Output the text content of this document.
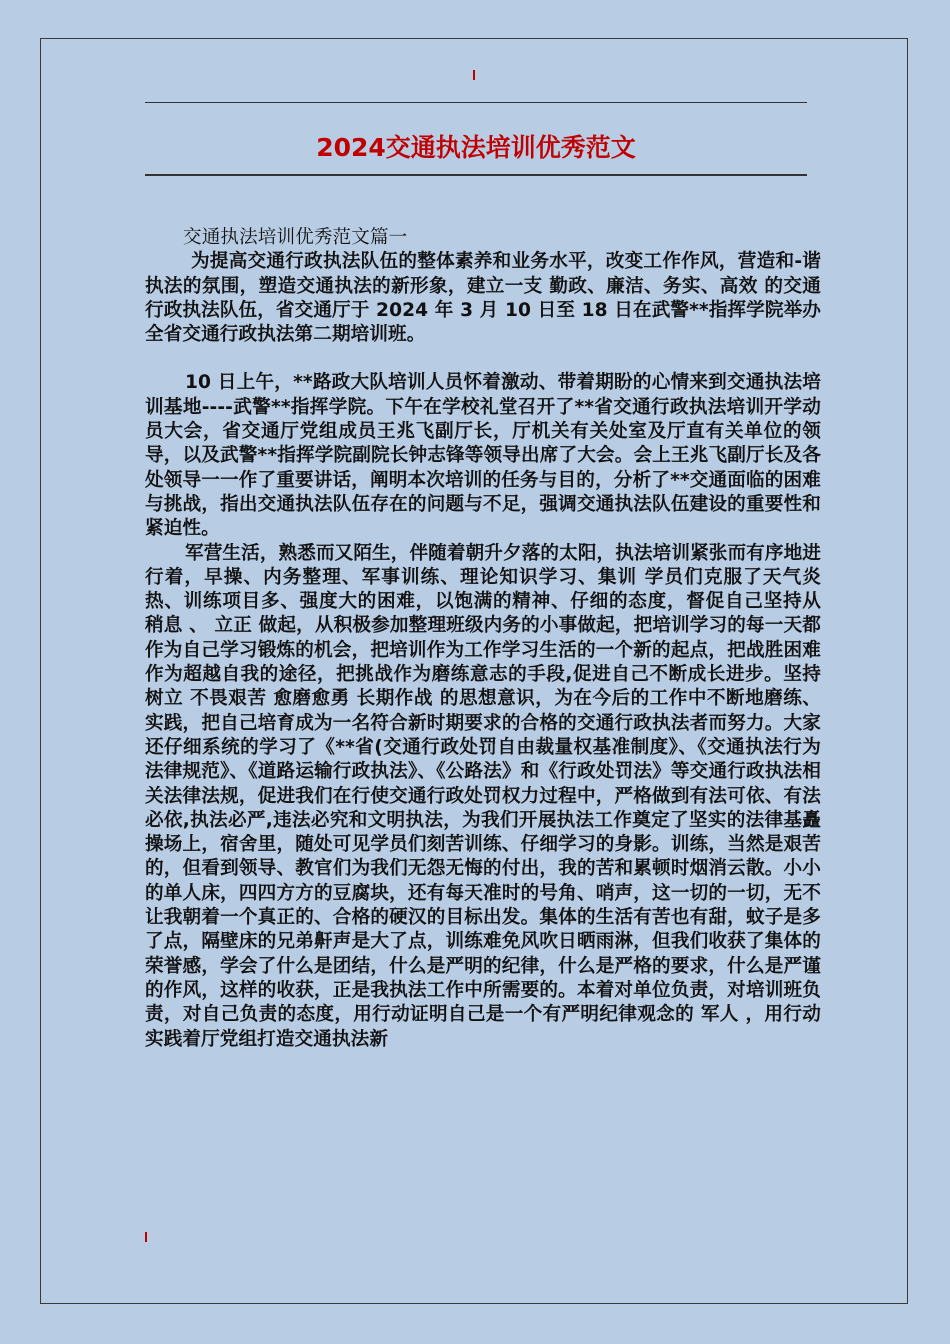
2024交通执法培训优秀范文

交通执法培训优秀范文篇一

为提高交通行政执法队伍的整体素养和业务水平，改变工作作风，营造和-谐执法的氛围，塑造交通执法的新形象，建立一支 勤政、廉洁、务实、高效 的交通行政执法队伍，省交通厅于 2024 年 3 月 10 日至 18 日在武警**指挥学院举办全省交通行政执法第二期培训班。

10 日上午，**路政大队培训人员怀着激动、带着期盼的心情来到交通执法培训基地----武警**指挥学院。下午在学校礼堂召开了**省交通行政执法培训开学动员大会，省交通厅党组成员王兆飞副厅长，厅机关有关处室及厅直有关单位的领导，以及武警**指挥学院副院长钟志锋等领导出席了大会。会上王兆飞副厅长及各处领导一一作了重要讲话，阐明本次培训的任务与目的，分析了**交通面临的困难与挑战，指出交通执法队伍存在的问题与不足，强调交通执法队伍建设的重要性和紧迫性。

军营生活，熟悉而又陌生，伴随着朝升夕落的太阳，执法培训紧张而有序地进行着，早操、内务整理、军事训练、理论知识学习、集训 学员们克服了天气炎热、训练项目多、强度大的困难，以饱满的精神、仔细的态度，督促自己坚持从 稍息 、 立正 做起，从积极参加整理班级内务的小事做起，把培训学习的每一天都作为自己学习锻炼的机会，把培训作为工作学习生活的一个新的起点，把战胜困难作为超越自我的途径，把挑战作为磨练意志的手段,促进自己不断成长进步。坚持树立 不畏艰苦 愈磨愈勇 长期作战 的思想意识，为在今后的工作中不断地磨练、实践，把自己培育成为一名符合新时期要求的合格的交通行政执法者而努力。大家还仔细系统的学习了《**省(交通行政处罚自由裁量权基准制度》、《交通执法行为法律规范》、《道路运输行政执法》、《公路法》和《行政处罚法》等交通行政执法相关法律法规，促进我们在行使交通行政处罚权力过程中，严格做到有法可依、有法必依,执法必严,违法必究和文明执法，为我们开展执法工作奠定了坚实的法律基矗 操场上，宿舍里，随处可见学员们刻苦训练、仔细学习的身影。训练，当然是艰苦的，但看到领导、教官们为我们无怨无悔的付出，我的苦和累顿时烟消云散。小小的单人床，四四方方的豆腐块，还有每天准时的号角、哨声，这一切的一切，无不让我朝着一个真正的、合格的硬汉的目标出发。集体的生活有苦也有甜，蚊子是多了点，隔壁床的兄弟鼾声是大了点，训练难免风吹日晒雨淋，但我们收获了集体的荣誉感，学会了什么是团结，什么是严明的纪律，什么是严格的要求，什么是严谨的作风，这样的收获，正是我执法工作中所需要的。本着对单位负责，对培训班负责，对自己负责的态度，用行动证明自己是一个有严明纪律观念的 军人 ，用行动实践着厅党组打造交通执法新
